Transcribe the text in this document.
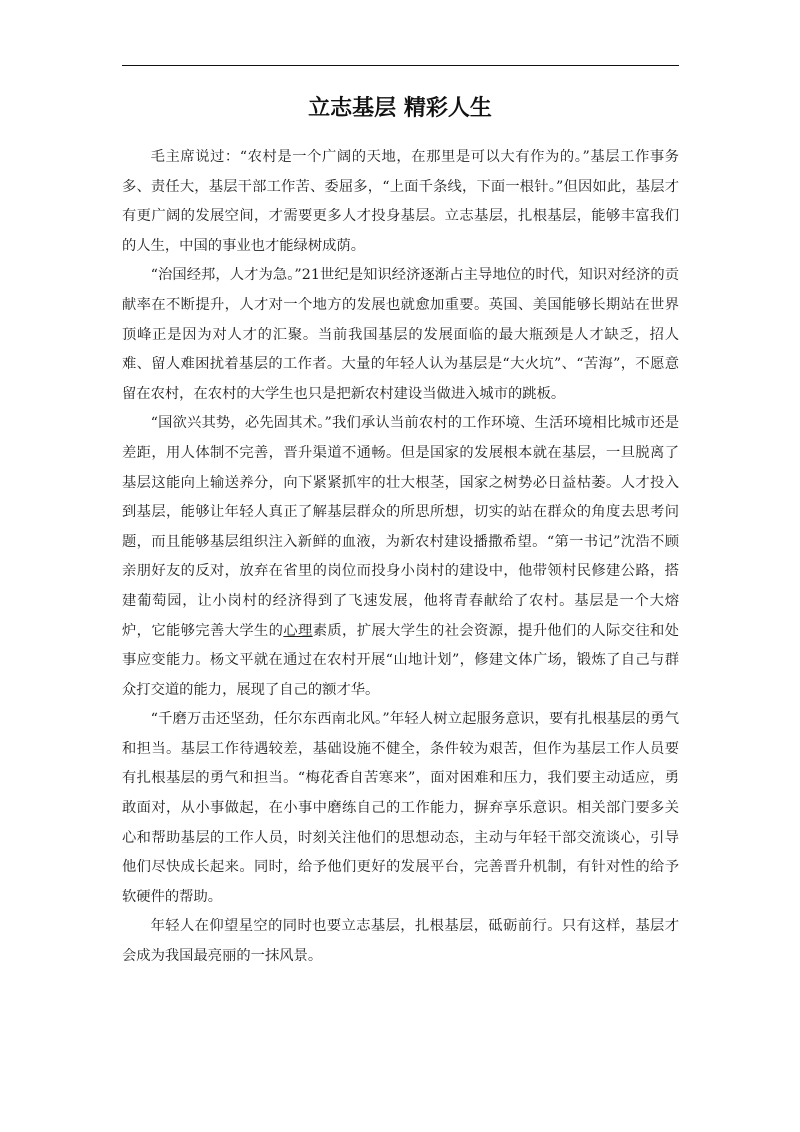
立志基层 精彩人生

毛主席说过：“农村是一个广阔的天地，在那里是可以大有作为的。”基层工作事务多、责任大，基层干部工作苦、委屈多，“上面千条线，下面一根针。”但因如此，基层才有更广阔的发展空间，才需要更多人才投身基层。立志基层，扎根基层，能够丰富我们的人生，中国的事业也才能绿树成荫。

“治国经邦，人才为急。”21世纪是知识经济逐渐占主导地位的时代，知识对经济的贡献率在不断提升，人才对一个地方的发展也就愈加重要。英国、美国能够长期站在世界顶峰正是因为对人才的汇聚。当前我国基层的发展面临的最大瓶颈是人才缺乏，招人难、留人难困扰着基层的工作者。大量的年轻人认为基层是“大火坑”、“苦海”，不愿意留在农村，在农村的大学生也只是把新农村建设当做进入城市的跳板。

“国欲兴其势，必先固其术。”我们承认当前农村的工作环境、生活环境相比城市还是差距，用人体制不完善，晋升渠道不通畅。但是国家的发展根本就在基层，一旦脱离了基层这能向上输送养分，向下紧紧抓牢的壮大根茎，国家之树势必日益枯萎。人才投入到基层，能够让年轻人真正了解基层群众的所思所想，切实的站在群众的角度去思考问题，而且能够基层组织注入新鲜的血液，为新农村建设播撒希望。“第一书记”沈浩不顾亲朋好友的反对，放弃在省里的岗位而投身小岗村的建设中，他带领村民修建公路，搭建葡萄园，让小岗村的经济得到了飞速发展，他将青春献给了农村。基层是一个大熔炉，它能够完善大学生的心理素质，扩展大学生的社会资源，提升他们的人际交往和处事应变能力。杨文平就在通过在农村开展“山地计划”，修建文体广场，锻炼了自己与群众打交道的能力，展现了自己的额才华。

“千磨万击还坚劲，任尔东西南北风。”年轻人树立起服务意识，要有扎根基层的勇气和担当。基层工作待遇较差，基础设施不健全，条件较为艰苦，但作为基层工作人员要有扎根基层的勇气和担当。“梅花香自苦寒来”，面对困难和压力，我们要主动适应，勇敢面对，从小事做起，在小事中磨练自己的工作能力，摒弃享乐意识。相关部门要多关心和帮助基层的工作人员，时刻关注他们的思想动态，主动与年轻干部交流谈心，引导他们尽快成长起来。同时，给予他们更好的发展平台，完善晋升机制，有针对性的给予软硬件的帮助。

年轻人在仰望星空的同时也要立志基层，扎根基层，砥砺前行。只有这样，基层才会成为我国最亮丽的一抹风景。
